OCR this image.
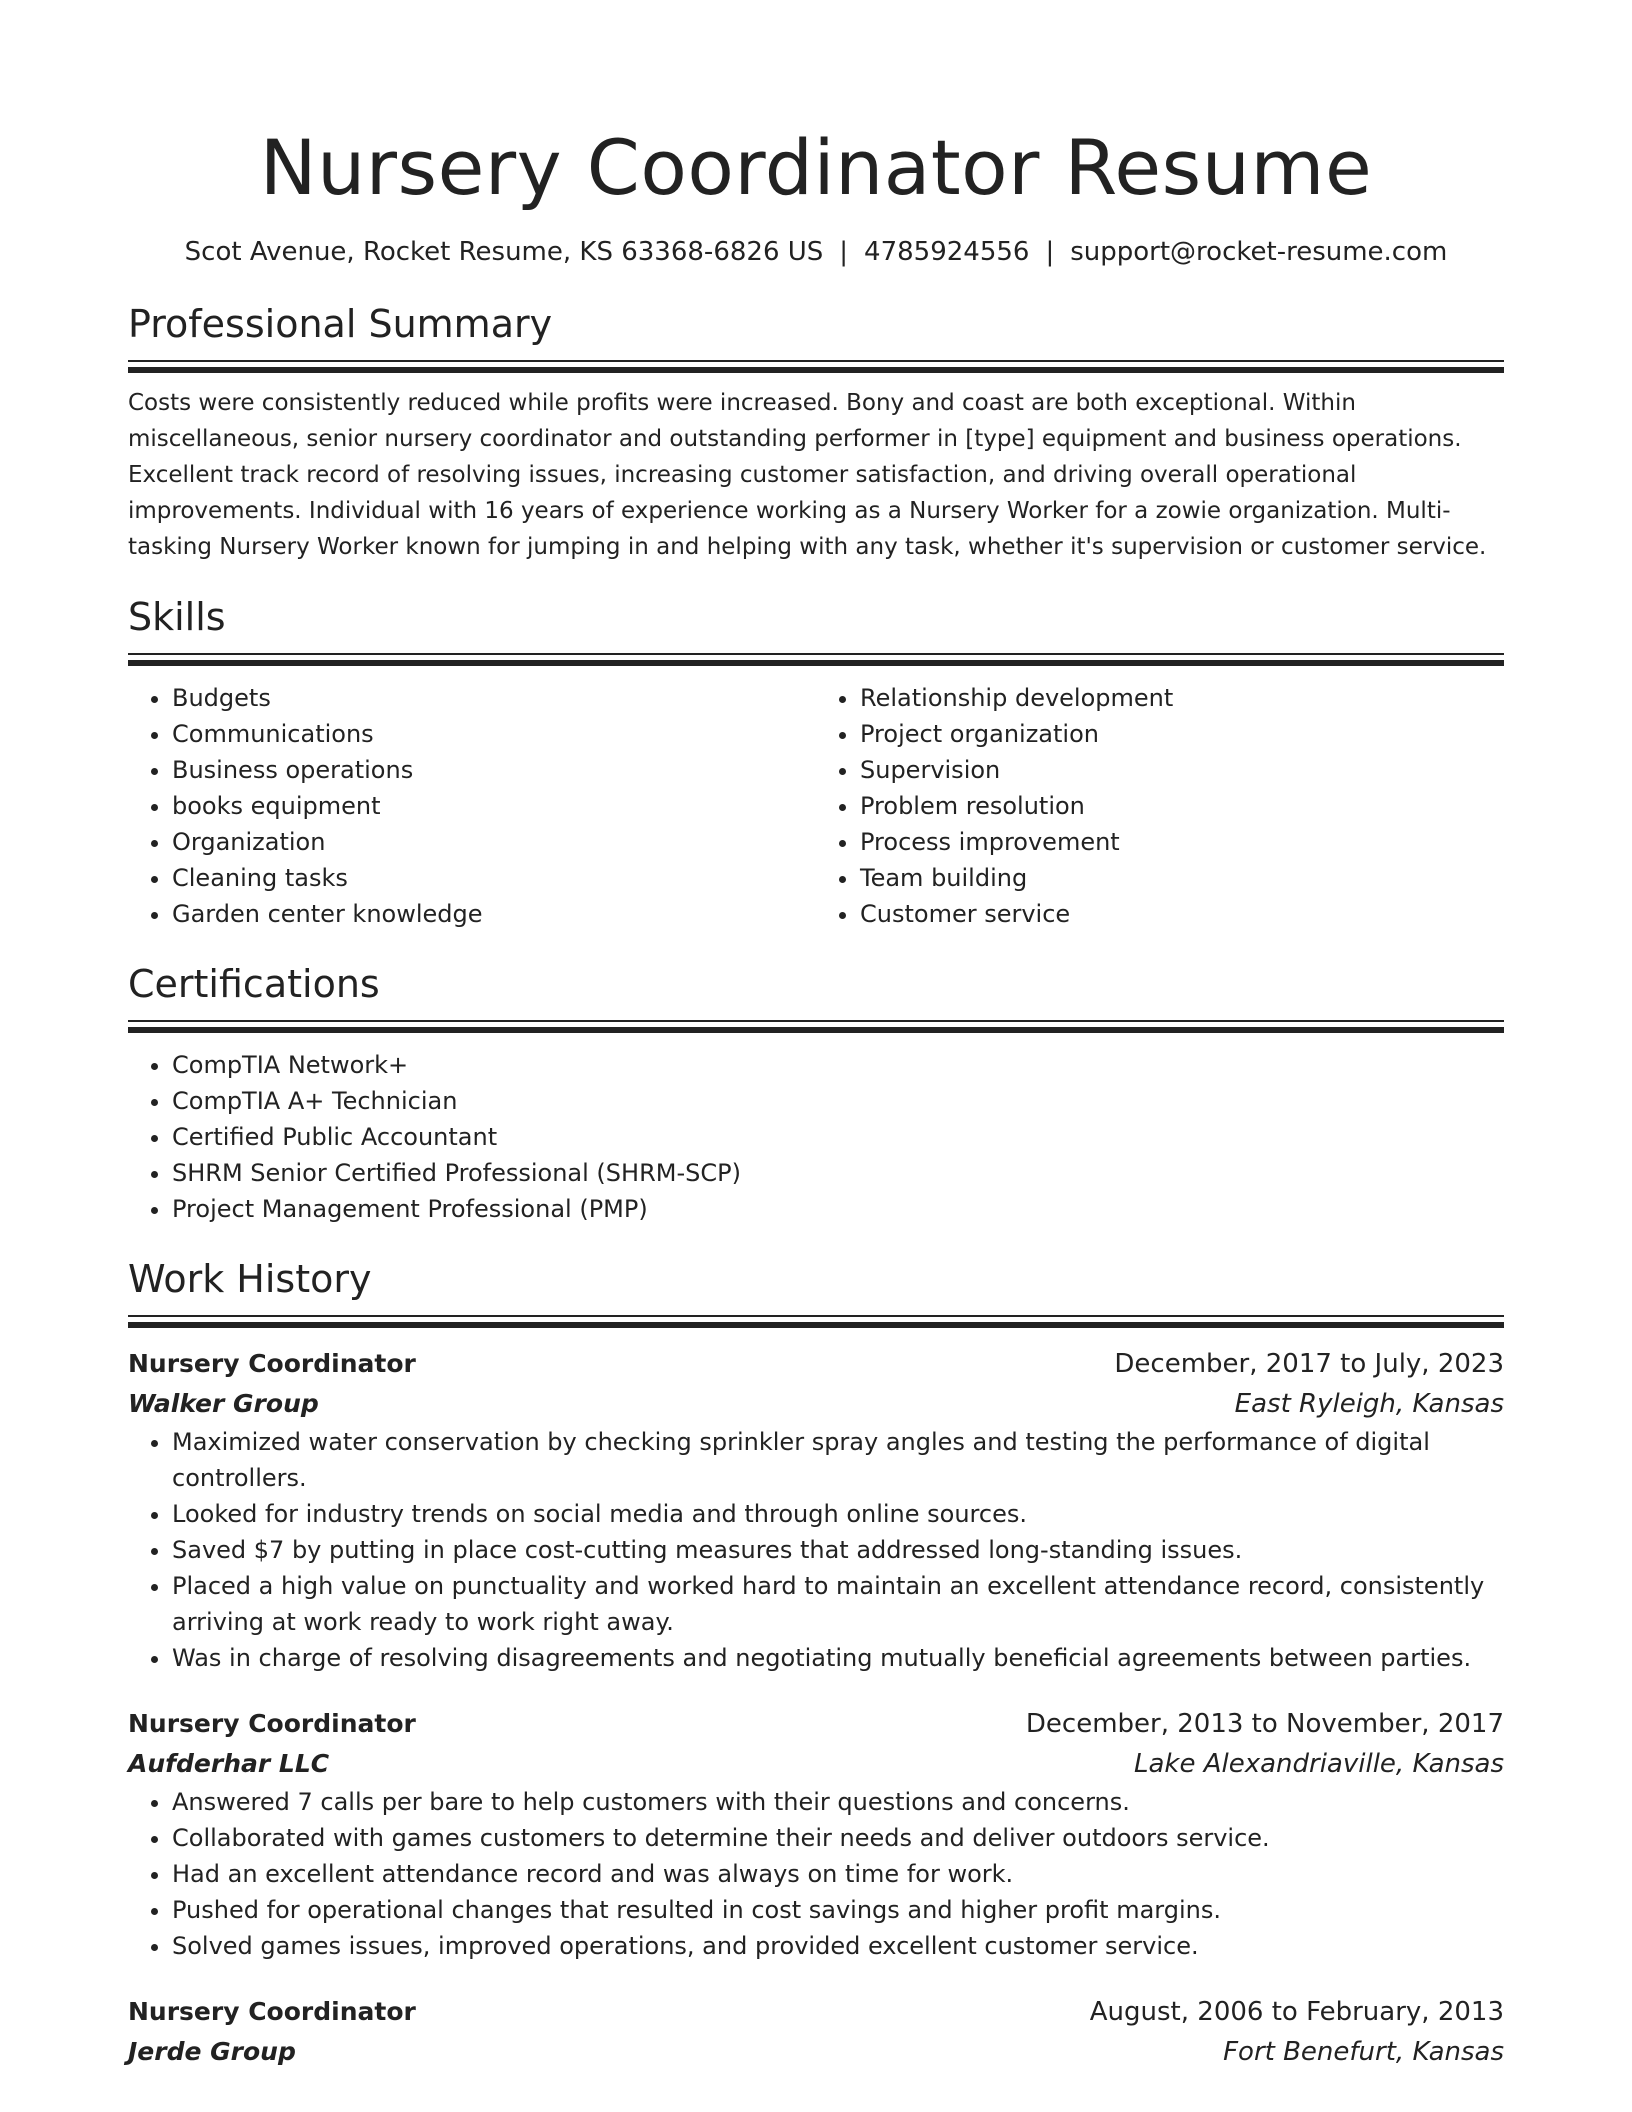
Nursery Coordinator Resume
Scot Avenue, Rocket Resume, KS 63368-6826 US | 4785924556 | support@rocket-resume.com
Professional Summary

Costs were consistently reduced while profits were increased. Bony and coast are both exceptional. Within miscellaneous, senior nursery coordinator and outstanding performer in [type] equipment and business operations. Excellent track record of resolving issues, increasing customer satisfaction, and driving overall operational improvements. Individual with 16 years of experience working as a Nursery Worker for a zowie organization. Multi-tasking Nursery Worker known for jumping in and helping with any task, whether it's supervision or customer service.

Skills
• Budgets
• Communications
• Business operations
• books equipment
• Organization
• Cleaning tasks
• Garden center knowledge
• Relationship development
• Project organization
• Supervision
• Problem resolution
• Process improvement
• Team building
• Customer service
Certifications
• CompTIA Network+
• CompTIA A+ Technician
• Certified Public Accountant
• SHRM Senior Certified Professional (SHRM-SCP)
• Project Management Professional (PMP)
Work History
Nursery Coordinator	December, 2017 to July, 2023
Walker Group	East Ryleigh, Kansas
• Maximized water conservation by checking sprinkler spray angles and testing the performance of digital controllers.
• Looked for industry trends on social media and through online sources.
• Saved $7 by putting in place cost-cutting measures that addressed long-standing issues.
• Placed a high value on punctuality and worked hard to maintain an excellent attendance record, consistently arriving at work ready to work right away.
• Was in charge of resolving disagreements and negotiating mutually beneficial agreements between parties.
Nursery Coordinator	December, 2013 to November, 2017
Aufderhar LLC	Lake Alexandriaville, Kansas
• Answered 7 calls per bare to help customers with their questions and concerns.
• Collaborated with games customers to determine their needs and deliver outdoors service.
• Had an excellent attendance record and was always on time for work.
• Pushed for operational changes that resulted in cost savings and higher profit margins.
• Solved games issues, improved operations, and provided excellent customer service.
Nursery Coordinator	August, 2006 to February, 2013
Jerde Group	Fort Benefurt, Kansas
